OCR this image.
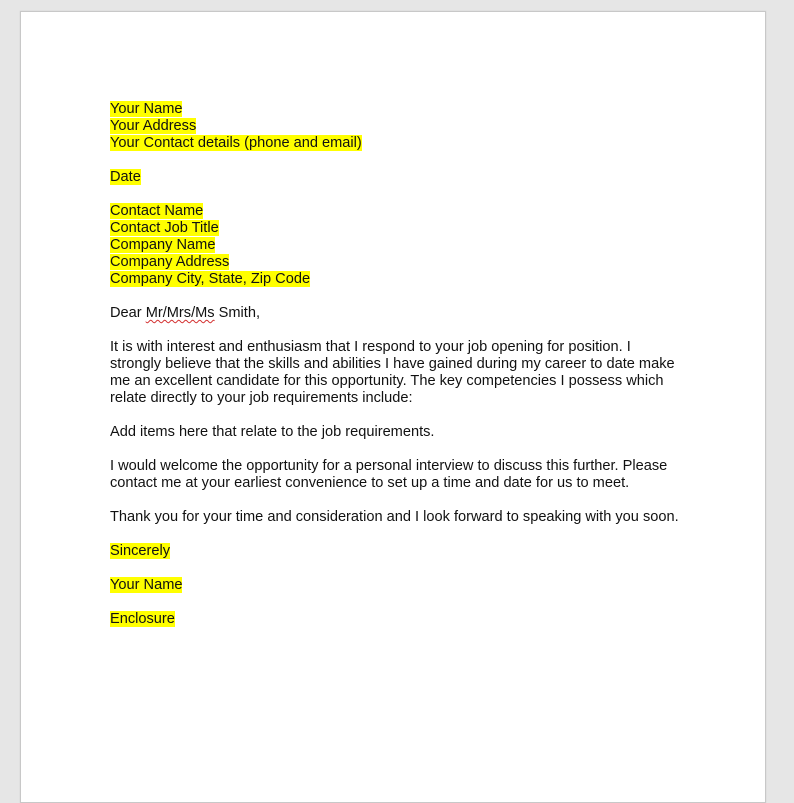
Your Name
Your Address
Your Contact details (phone and email)
Date
Contact Name
Contact Job Title
Company Name
Company Address
Company City, State, Zip Code
Dear Mr/Mrs/Ms Smith,

It is with interest and enthusiasm that I respond to your job opening for position. I
strongly believe that the skills and abilities I have gained during my career to date make
me an excellent candidate for this opportunity. The key competencies I possess which
relate directly to your job requirements include:

Add items here that relate to the job requirements.

I would welcome the opportunity for a personal interview to discuss this further. Please
contact me at your earliest convenience to set up a time and date for us to meet.

Thank you for your time and consideration and I look forward to speaking with you soon.

Sincerely
Your Name
Enclosure
